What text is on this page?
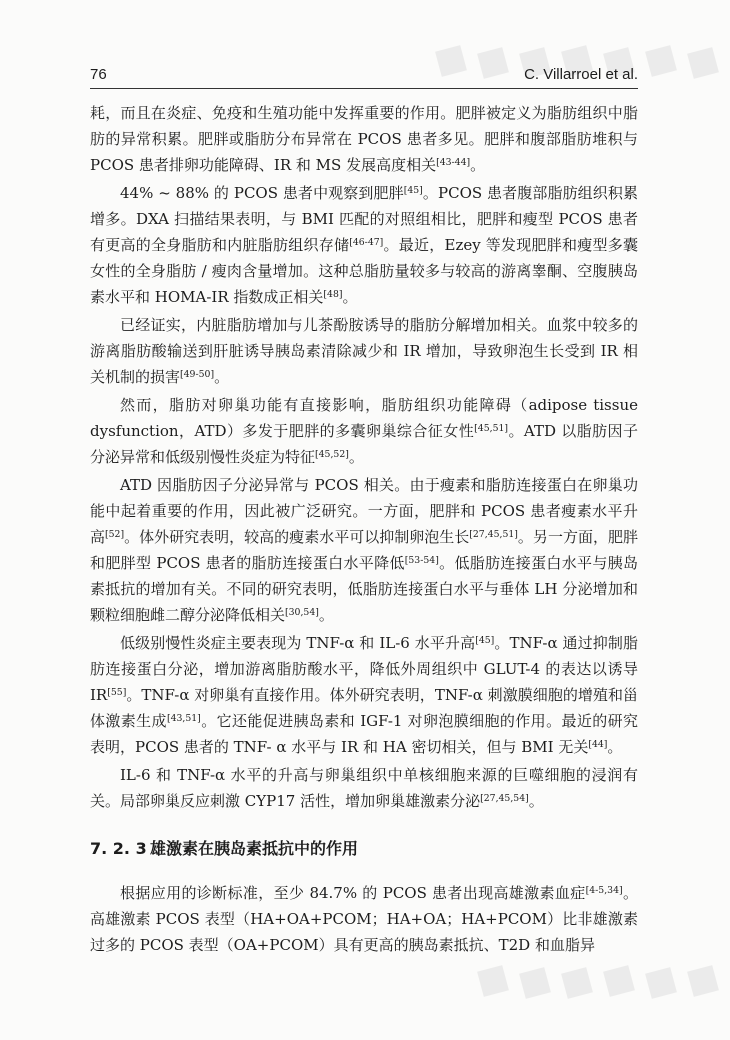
76	C. Villarroel et al.

耗，而且在炎症、免疫和生殖功能中发挥重要的作用。肥胖被定义为脂肪组织中脂肪的异常积累。肥胖或脂肪分布异常在 PCOS 患者多见。肥胖和腹部脂肪堆积与 PCOS 患者排卵功能障碍、IR 和 MS 发展高度相关[43-44]。

44% ~ 88% 的 PCOS 患者中观察到肥胖[45]。PCOS 患者腹部脂肪组织积累增多。DXA 扫描结果表明，与 BMI 匹配的对照组相比，肥胖和瘦型 PCOS 患者有更高的全身脂肪和内脏脂肪组织存储[46-47]。最近，Ezey 等发现肥胖和瘦型多囊女性的全身脂肪 / 瘦肉含量增加。这种总脂肪量较多与较高的游离睾酮、空腹胰岛素水平和 HOMA-IR 指数成正相关[48]。

已经证实，内脏脂肪增加与儿茶酚胺诱导的脂肪分解增加相关。血浆中较多的游离脂肪酸输送到肝脏诱导胰岛素清除减少和 IR 增加，导致卵泡生长受到 IR 相关机制的损害[49-50]。

然而，脂肪对卵巢功能有直接影响，脂肪组织功能障碍（adipose tissue dysfunction，ATD）多发于肥胖的多囊卵巢综合征女性[45,51]。ATD 以脂肪因子分泌异常和低级别慢性炎症为特征[45,52]。

ATD 因脂肪因子分泌异常与 PCOS 相关。由于瘦素和脂肪连接蛋白在卵巢功能中起着重要的作用，因此被广泛研究。一方面，肥胖和 PCOS 患者瘦素水平升高[52]。体外研究表明，较高的瘦素水平可以抑制卵泡生长[27,45,51]。另一方面，肥胖和肥胖型 PCOS 患者的脂肪连接蛋白水平降低[53-54]。低脂肪连接蛋白水平与胰岛素抵抗的增加有关。不同的研究表明，低脂肪连接蛋白水平与垂体 LH 分泌增加和颗粒细胞雌二醇分泌降低相关[30,54]。

低级别慢性炎症主要表现为 TNF-α 和 IL-6 水平升高[45]。TNF-α 通过抑制脂肪连接蛋白分泌，增加游离脂肪酸水平，降低外周组织中 GLUT-4 的表达以诱导 IR[55]。TNF-α 对卵巢有直接作用。体外研究表明，TNF-α 刺激膜细胞的增殖和甾体激素生成[43,51]。它还能促进胰岛素和 IGF-1 对卵泡膜细胞的作用。最近的研究表明，PCOS 患者的 TNF- α 水平与 IR 和 HA 密切相关，但与 BMI 无关[44]。

IL-6 和 TNF-α 水平的升高与卵巢组织中单核细胞来源的巨噬细胞的浸润有关。局部卵巢反应刺激 CYP17 活性，增加卵巢雄激素分泌[27,45,54]。

7. 2. 3 雄激素在胰岛素抵抗中的作用

根据应用的诊断标准，至少 84.7% 的 PCOS 患者出现高雄激素血症[4-5,34]。高雄激素 PCOS 表型（HA+OA+PCOM；HA+OA；HA+PCOM）比非雄激素过多的 PCOS 表型（OA+PCOM）具有更高的胰岛素抵抗、T2D 和血脂异
